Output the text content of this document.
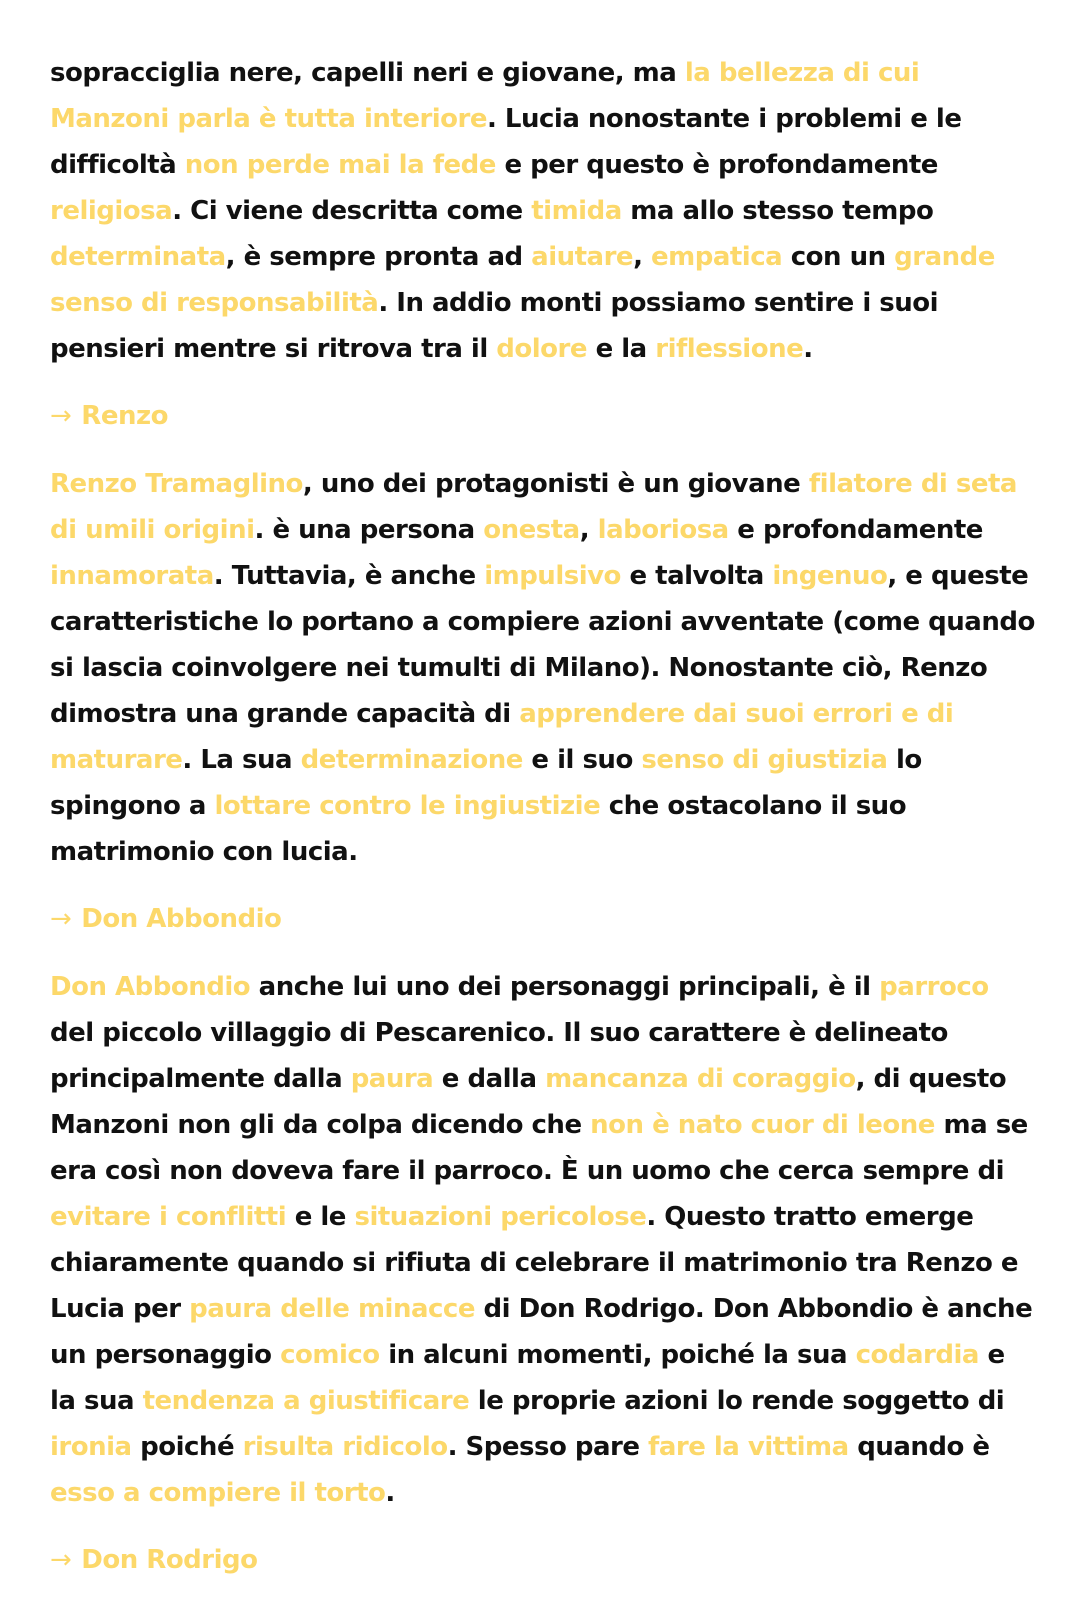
sopracciglia nere, capelli neri e giovane, ma la bellezza di cui Manzoni parla è tutta interiore. Lucia nonostante i problemi e le difficoltà non perde mai la fede e per questo è profondamente religiosa. Ci viene descritta come timida ma allo stesso tempo determinata, è sempre pronta ad aiutare, empatica con un grande senso di responsabilità. In addio monti possiamo sentire i suoi pensieri mentre si ritrova tra il dolore e la riflessione.

→ Renzo

Renzo Tramaglino, uno dei protagonisti è un giovane filatore di seta di umili origini. è una persona onesta, laboriosa e profondamente innamorata. Tuttavia, è anche impulsivo e talvolta ingenuo, e queste caratteristiche lo portano a compiere azioni avventate (come quando si lascia coinvolgere nei tumulti di Milano). Nonostante ciò, Renzo dimostra una grande capacità di apprendere dai suoi errori e di maturare. La sua determinazione e il suo senso di giustizia lo spingono a lottare contro le ingiustizie che ostacolano il suo matrimonio con lucia.

→ Don Abbondio

Don Abbondio anche lui uno dei personaggi principali, è il parroco del piccolo villaggio di Pescarenico. Il suo carattere è delineato principalmente dalla paura e dalla mancanza di coraggio, di questo Manzoni non gli da colpa dicendo che non è nato cuor di leone ma se era così non doveva fare il parroco. È un uomo che cerca sempre di evitare i conflitti e le situazioni pericolose. Questo tratto emerge chiaramente quando si rifiuta di celebrare il matrimonio tra Renzo e Lucia per paura delle minacce di Don Rodrigo. Don Abbondio è anche un personaggio comico in alcuni momenti, poiché la sua codardia e la sua tendenza a giustificare le proprie azioni lo rende soggetto di ironia poiché risulta ridicolo. Spesso pare fare la vittima quando è esso a compiere il torto.

→ Don Rodrigo
